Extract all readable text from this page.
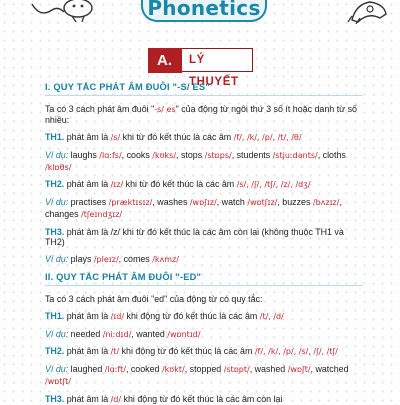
Phonetics
A.	LÝ THUYẾT

I. QUY TẮC PHÁT ÂM ĐUÔI "-S/ ES"

Ta có 3 cách phát âm đuôi "-s/ es" của động từ ngôi thứ 3 số ít hoặc danh từ số nhiều:

TH1. phát âm là /s/ khi từ đó kết thúc là các âm /f/, /k/, /p/, /t/, /θ/

Ví dụ: laughs /lɑːfs/, cooks /kʊks/, stops /stɒps/, students /stjuːdənts/, cloths /klɒθs/

TH2. phát âm là /ɪz/ khi từ đó kết thúc là các âm /s/, /ʃ/, /tʃ/, /z/, /dʒ/

Ví dụ: practises /præktɪsɪz/, washes /wɒʃɪz/, watch /wɒtʃɪz/, buzzes /bʌzɪz/, changes /tʃeɪndʒɪz/

TH3. phát âm là /z/ khi từ đó kết thúc là các âm còn lại (không thuộc TH1 và TH2)

Ví dụ: plays /pleɪz/, comes /kʌmz/

II. QUY TẮC PHÁT ÂM ĐUÔI "-ED"

Ta có 3 cách phát âm đuôi "ed" của động từ có quy tắc:

TH1. phát âm là /ɪd/ khi động từ đó kết thúc là các âm /t/, /d/

Ví dụ: needed /niːdɪd/, wanted /wɒntɪd/

TH2. phát âm là /t/ khi động từ đó kết thúc là các âm /f/, /k/, /p/, /s/, /ʃ/, /tʃ/

Ví dụ: laughed /lɑːft/, cooked /kʊkt/, stopped /stɒpt/, washed /wɒʃt/, watched /wɒtʃt/

TH3. phát âm là /d/ khi động từ đó kết thúc là các âm còn lại
